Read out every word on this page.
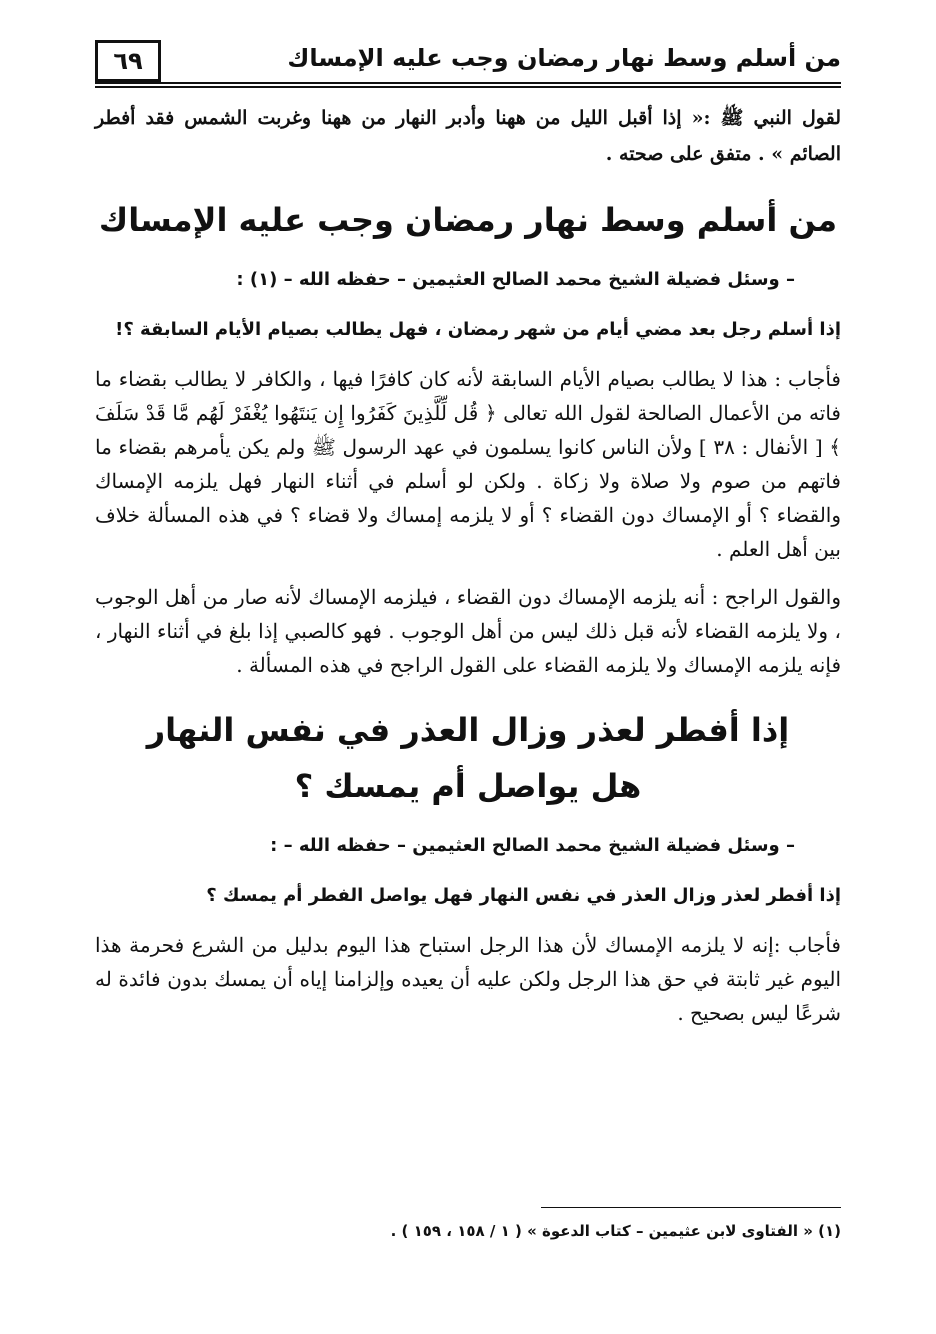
٦٩	من أسلم وسط نهار رمضان وجب عليه الإمساك

لقول النبي ﷺ :« إذا أقبل الليل من ههنا وأدبر النهار من ههنا وغربت الشمس فقد أفطر الصائم » . متفق على صحته .

من أسلم وسط نهار رمضان وجب عليه الإمساك

– وسئل فضيلة الشيخ محمد الصالح العثيمين – حفظه الله – (١) :

إذا أسلم رجل بعد مضي أيام من شهر رمضان ، فهل يطالب بصيام الأيام السابقة ؟!

فأجاب : هذا لا يطالب بصيام الأيام السابقة لأنه كان كافرًا فيها ، والكافر لا يطالب بقضاء ما فاته من الأعمال الصالحة لقول الله تعالى ﴿ قُل لِّلَّذِينَ كَفَرُوا إِن يَنتَهُوا يُغْفَرْ لَهُم مَّا قَدْ سَلَفَ ﴾ [ الأنفال : ٣٨ ] ولأن الناس كانوا يسلمون في عهد الرسول ﷺ ولم يكن يأمرهم بقضاء ما فاتهم من صوم ولا صلاة ولا زكاة . ولكن لو أسلم في أثناء النهار فهل يلزمه الإمساك والقضاء ؟ أو الإمساك دون القضاء ؟ أو لا يلزمه إمساك ولا قضاء ؟ في هذه المسألة خلاف بين أهل العلم .

والقول الراجح : أنه يلزمه الإمساك دون القضاء ، فيلزمه الإمساك لأنه صار من أهل الوجوب ، ولا يلزمه القضاء لأنه قبل ذلك ليس من أهل الوجوب . فهو كالصبي إذا بلغ في أثناء النهار ، فإنه يلزمه الإمساك ولا يلزمه القضاء على القول الراجح في هذه المسألة .

إذا أفطر لعذر وزال العذر في نفس النهار
هل يواصل أم يمسك ؟

– وسئل فضيلة الشيخ محمد الصالح العثيمين – حفظه الله – :

إذا أفطر لعذر وزال العذر في نفس النهار فهل يواصل الفطر أم يمسك ؟

فأجاب :إنه لا يلزمه الإمساك لأن هذا الرجل استباح هذا اليوم بدليل من الشرع فحرمة هذا اليوم غير ثابتة في حق هذا الرجل ولكن عليه أن يعيده وإلزامنا إياه أن يمسك بدون فائدة له شرعًا ليس بصحيح .

(١) « الفتاوى لابن عثيمين – كتاب الدعوة » ( ١ / ١٥٨ ، ١٥٩ ) .
